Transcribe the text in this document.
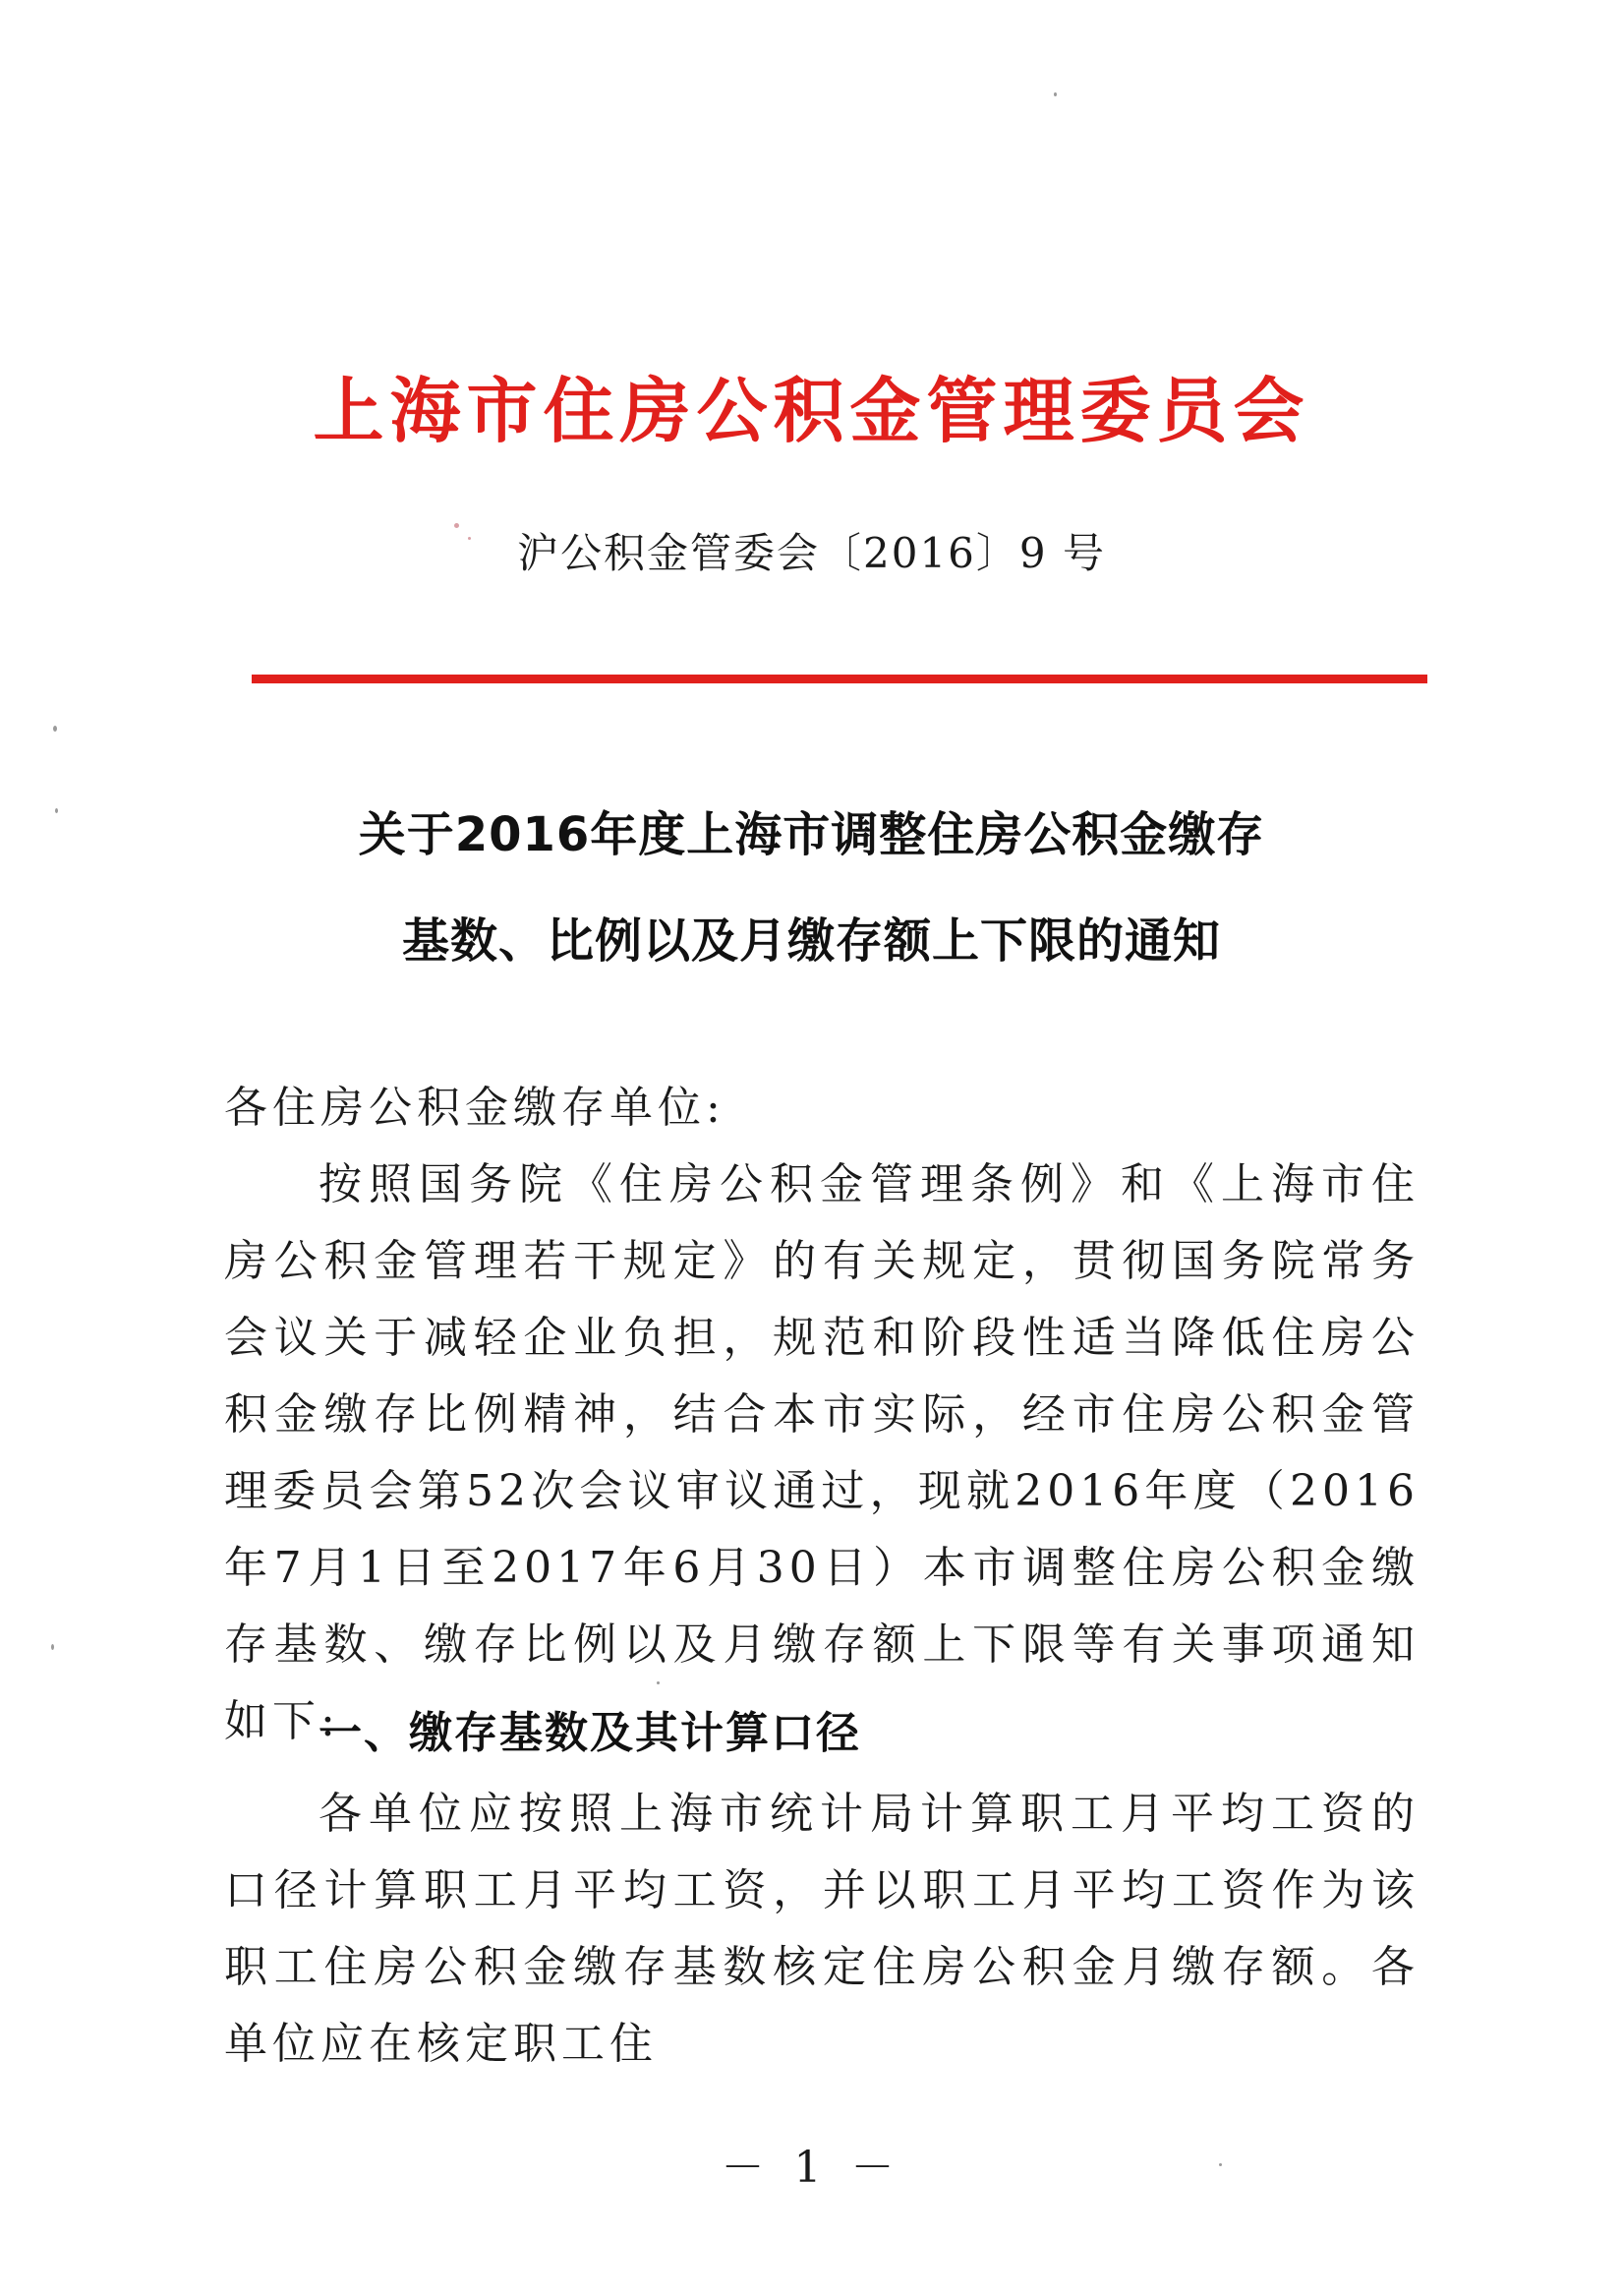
上海市住房公积金管理委员会
沪公积金管委会〔2016〕9 号
关于2016年度上海市调整住房公积金缴存
基数、比例以及月缴存额上下限的通知
各住房公积金缴存单位:
按照国务院《住房公积金管理条例》和《上海市住房公积金管理若干规定》的有关规定，贯彻国务院常务会议关于减轻企业负担，规范和阶段性适当降低住房公积金缴存比例精神，结合本市实际，经市住房公积金管理委员会第52次会议审议通过，现就2016年度（2016年7月1日至2017年6月30日）本市调整住房公积金缴存基数、缴存比例以及月缴存额上下限等有关事项通知如下:
一、缴存基数及其计算口径
各单位应按照上海市统计局计算职工月平均工资的口径计算职工月平均工资，并以职工月平均工资作为该职工住房公积金缴存基数核定住房公积金月缴存额。各单位应在核定职工住
－ 1 －
